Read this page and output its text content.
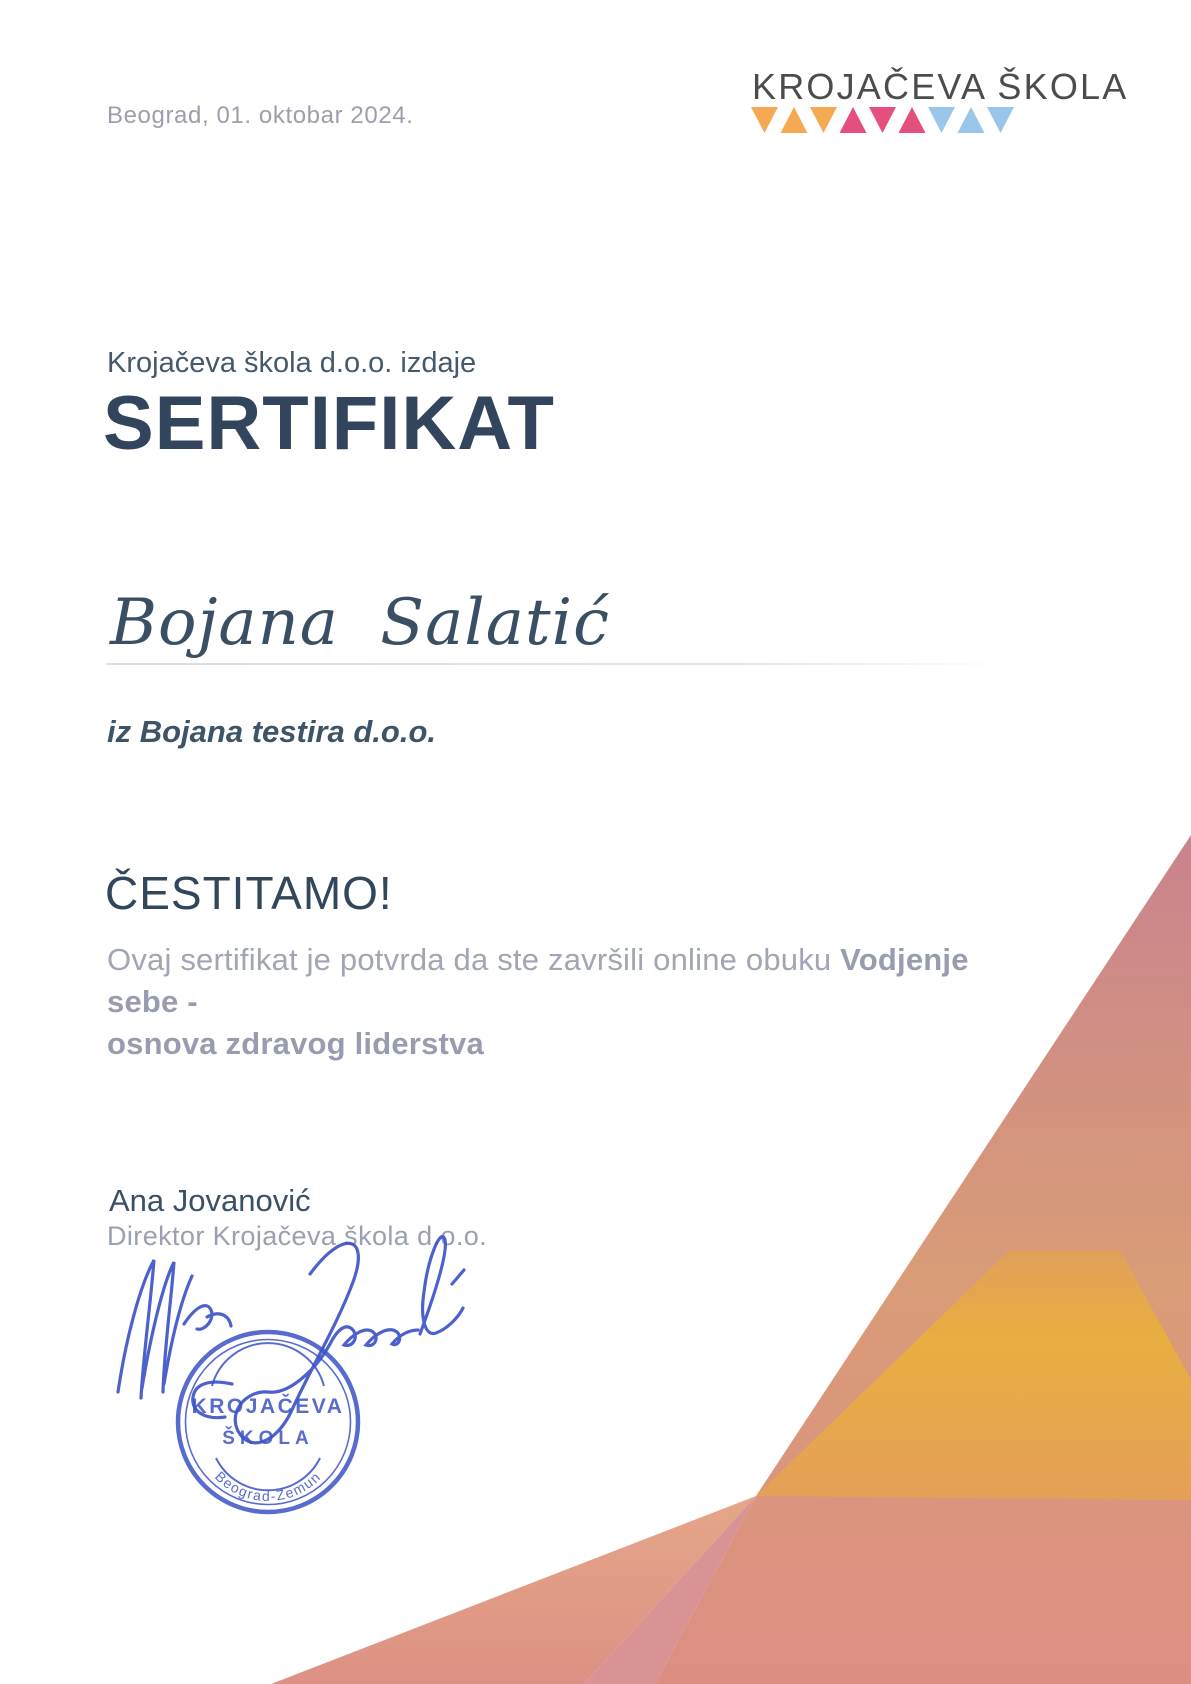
Beograd, 01. oktobar 2024.
KROJAČEVA ŠKOLA
Krojačeva škola d.o.o. izdaje
SERTIFIKAT
Bojana Salatić
iz Bojana testira d.o.o.
ČESTITAMO!
Ovaj sertifikat je potvrda da ste završili online obuku Vodjenje sebe -
osnova zdravog liderstva
Ana Jovanović
Direktor Krojačeva škola d.o.o.
KROJAČEVA
ŠKOLA
Beograd-Zemun
